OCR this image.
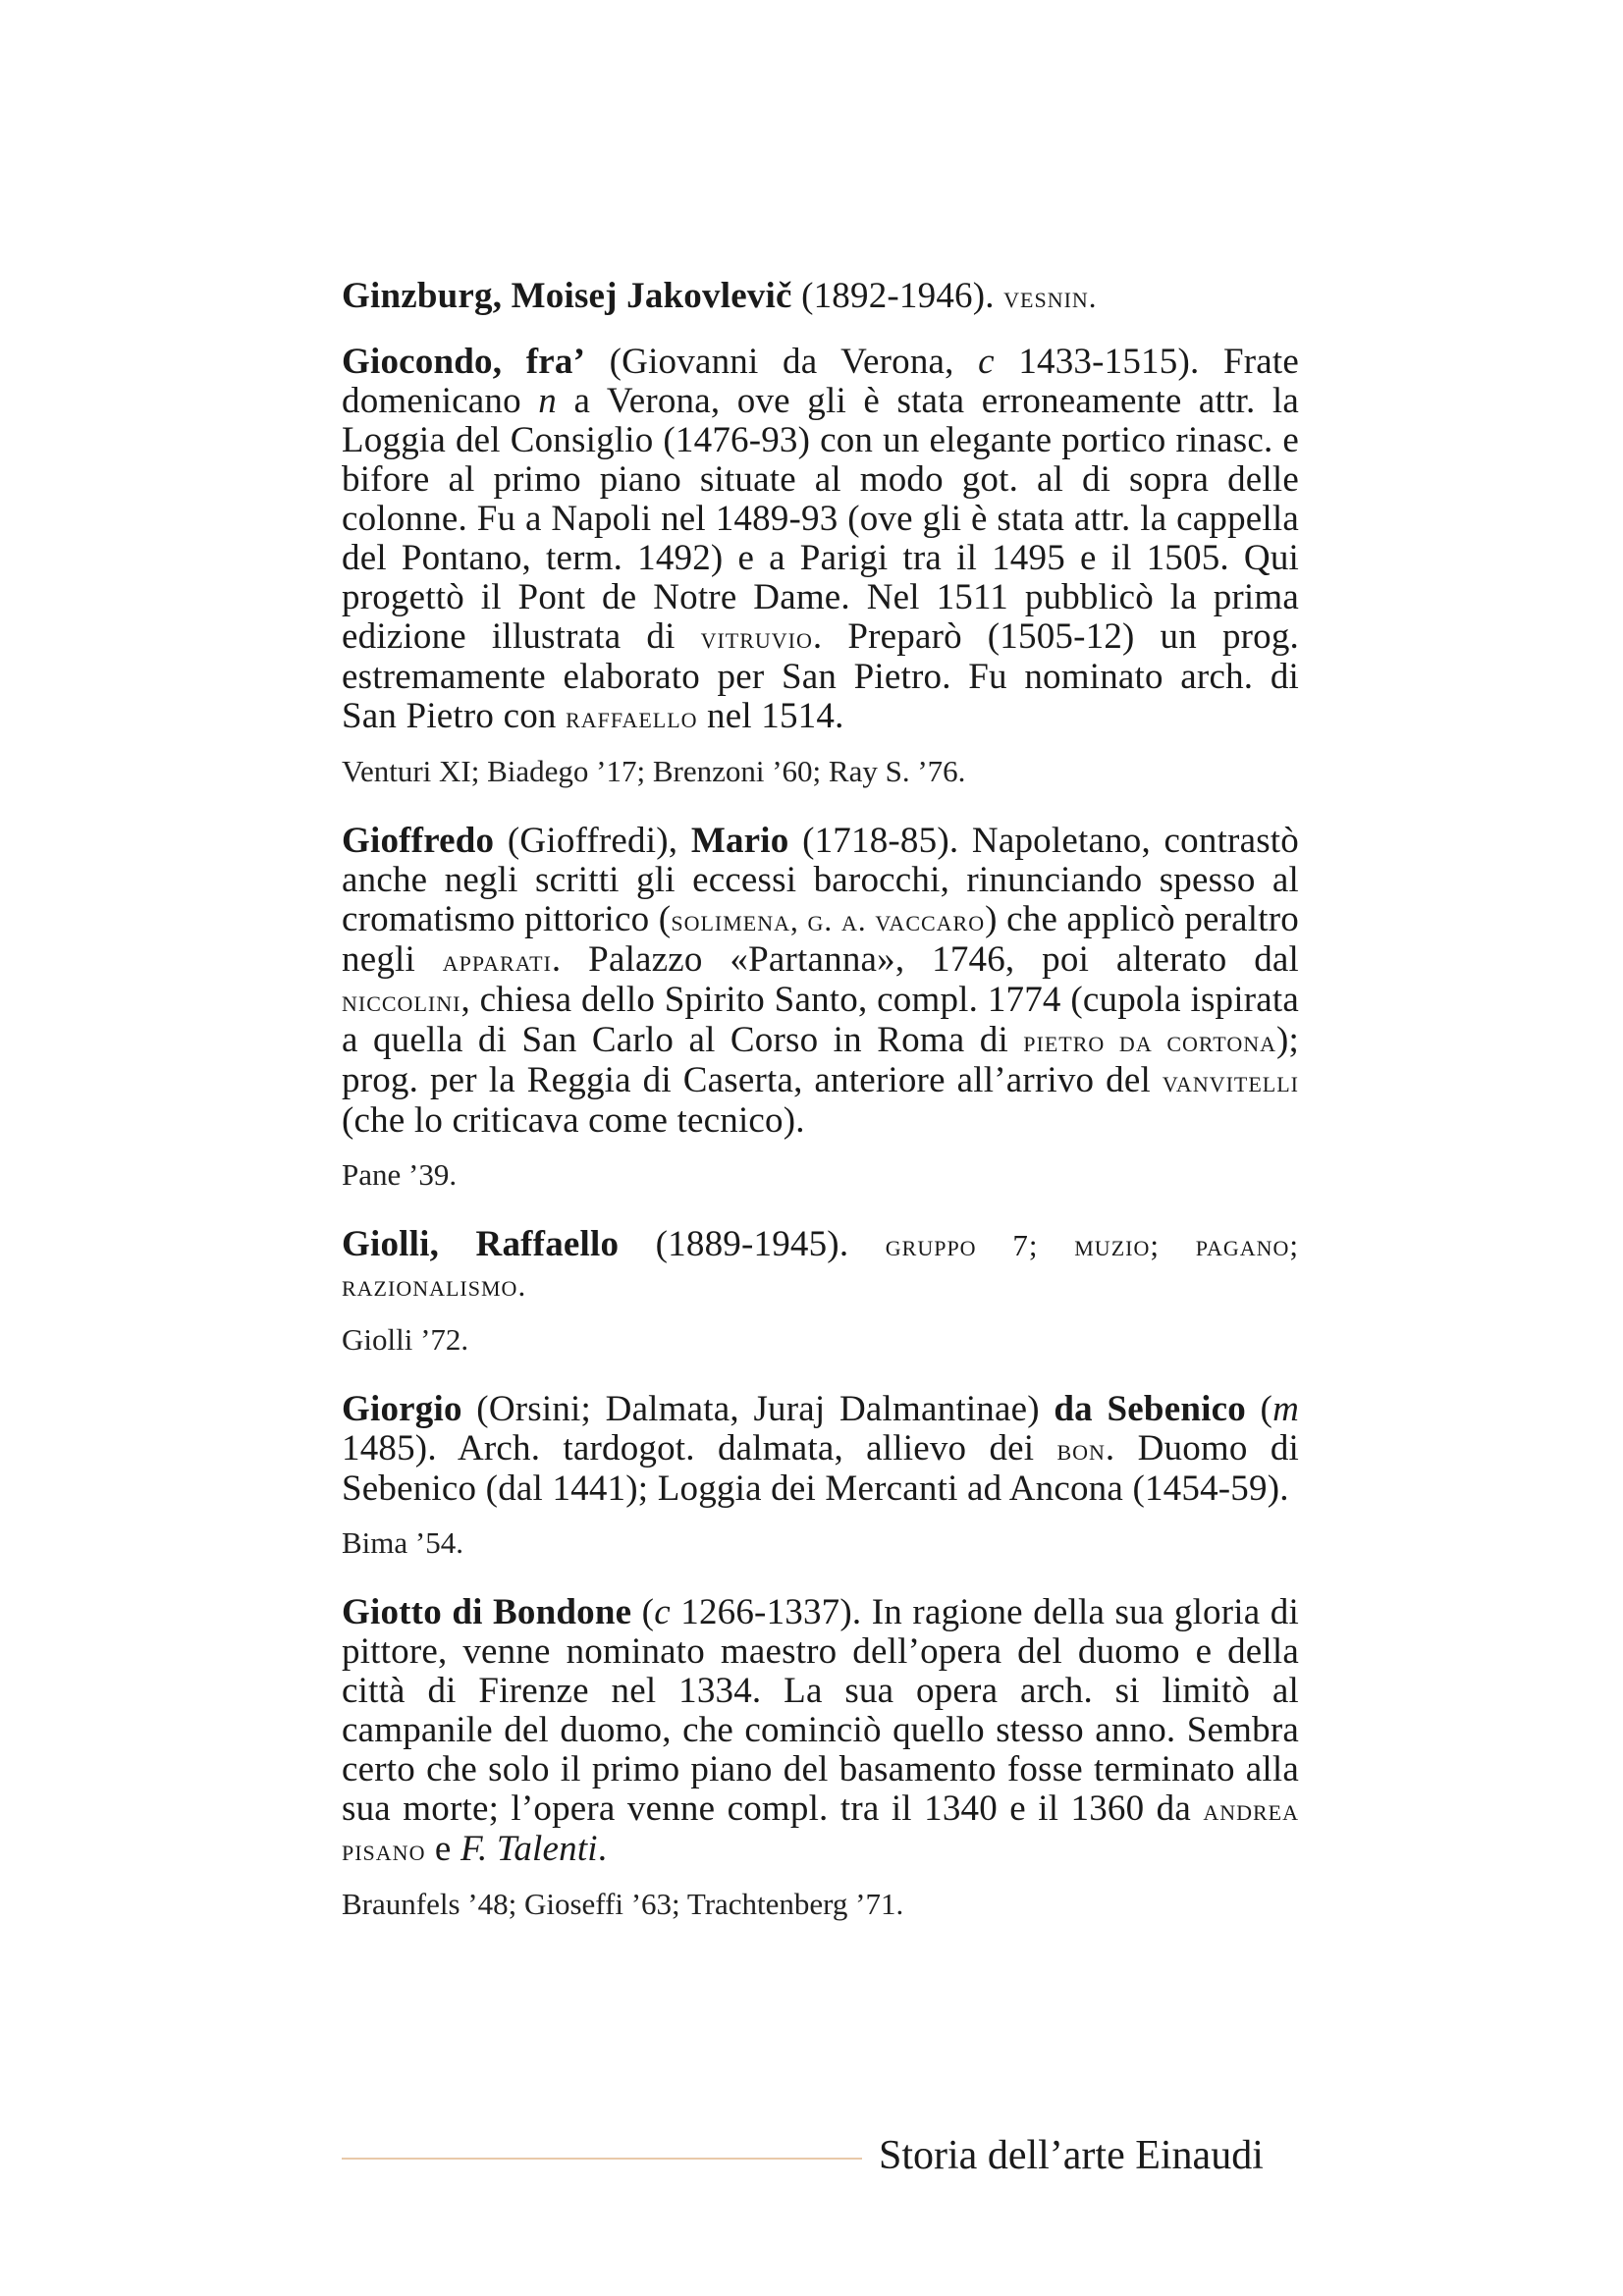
Ginzburg, Moisej Jakovlevič (1892-1946). vesnin.

Giocondo, fra’ (Giovanni da Verona, c 1433-1515). Frate domenicano n a Verona, ove gli è stata erroneamente attr. la Loggia del Consiglio (1476-93) con un elegante portico rinasc. e bifore al primo piano situate al modo got. al di sopra delle colonne. Fu a Napoli nel 1489-93 (ove gli è stata attr. la cappella del Pontano, term. 1492) e a Parigi tra il 1495 e il 1505. Qui progettò il Pont de Notre Dame. Nel 1511 pubblicò la prima edizione illustrata di vitruvio. Preparò (1505-12) un prog. estremamente elaborato per San Pietro. Fu nominato arch. di San Pietro con raffaello nel 1514.

Venturi XI; Biadego ’17; Brenzoni ’60; Ray S. ’76.

Gioffredo (Gioffredi), Mario (1718-85). Napoletano, contrastò anche negli scritti gli eccessi barocchi, rinunciando spesso al cromatismo pittorico (solimena, g. a. vaccaro) che applicò peraltro negli apparati. Palazzo «Partanna», 1746, poi alterato dal niccolini, chiesa dello Spirito Santo, compl. 1774 (cupola ispirata a quella di San Carlo al Corso in Roma di pietro da cortona); prog. per la Reggia di Caserta, anteriore all’arrivo del vanvitelli (che lo criticava come tecnico).

Pane ’39.

Giolli, Raffaello (1889-1945). gruppo 7; muzio; pagano; razionalismo.

Giolli ’72.

Giorgio (Orsini; Dalmata, Juraj Dalmantinae) da Sebenico (m 1485). Arch. tardogot. dalmata, allievo dei bon. Duomo di Sebenico (dal 1441); Loggia dei Mercanti ad Ancona (1454-59).

Bima ’54.

Giotto di Bondone (c 1266-1337). In ragione della sua gloria di pittore, venne nominato maestro dell’opera del duomo e della città di Firenze nel 1334. La sua opera arch. si limitò al campanile del duomo, che cominciò quello stesso anno. Sembra certo che solo il primo piano del basamento fosse terminato alla sua morte; l’opera venne compl. tra il 1340 e il 1360 da andrea pisano e F. Talenti.

Braunfels ’48; Gioseffi ’63; Trachtenberg ’71.

Storia dell’arte Einaudi
